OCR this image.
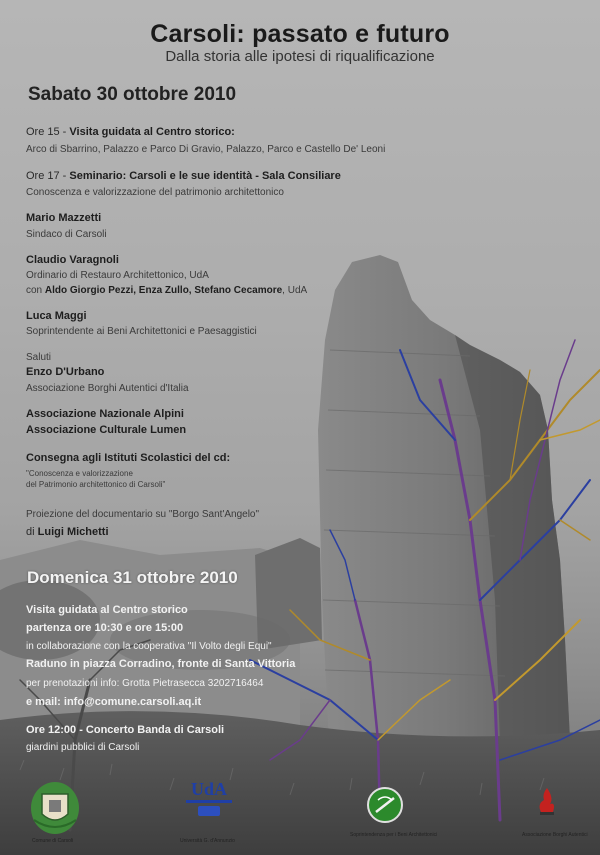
Carsoli: passato e futuro
Dalla storia alle ipotesi di riqualificazione
Sabato 30 ottobre 2010
Ore 15 - Visita guidata al Centro storico:
Arco di Sbarrino, Palazzo e Parco Di Gravio, Palazzo, Parco e Castello De' Leoni
Ore 17 - Seminario: Carsoli e le sue identità - Sala Consiliare
Conoscenza e valorizzazione del patrimonio architettonico
Mario Mazzetti
Sindaco di Carsoli
Claudio Varagnoli
Ordinario di Restauro Architettonico, UdA
con Aldo Giorgio Pezzi, Enza Zullo, Stefano Cecamore, UdA
Luca Maggi
Soprintendente ai Beni Architettonici e Paesaggistici
Saluti
Enzo D'Urbano
Associazione Borghi Autentici d'Italia
Associazione Nazionale Alpini
Associazione Culturale Lumen
Consegna agli Istituti Scolastici del cd:
"Conoscenza e valorizzazione
del Patrimonio architettonico di Carsoli"
Proiezione del documentario su "Borgo Sant'Angelo"
di Luigi Michetti
Domenica 31 ottobre 2010
Visita guidata al Centro storico
partenza ore 10:30 e ore 15:00
in collaborazione con la cooperativa "Il Volto degli Equi"
Raduno in piazza Corradino, fronte di Santa Vittoria
per prenotazioni info: Grotta Pietrasecca 3202716464
e mail: info@comune.carsoli.aq.it
Ore 12:00 - Concerto Banda di Carsoli
giardini pubblici di Carsoli
Comune di Carsoli
UdA
Università G. d'Annunzio
Soprintendenza per i Beni Architettonici	Associazione Borghi Autentici
